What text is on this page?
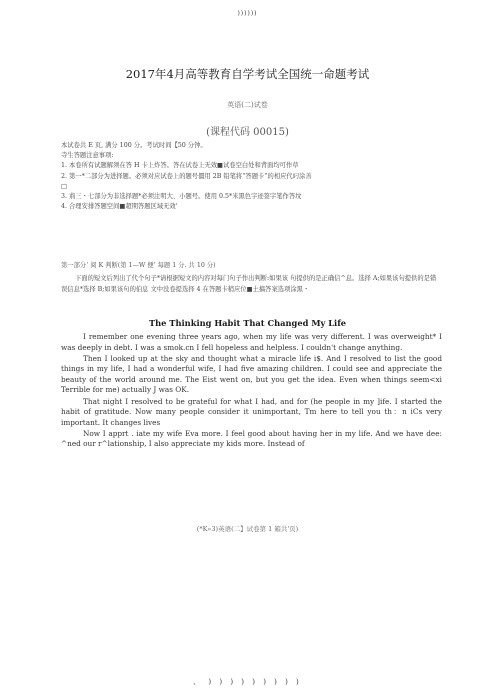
))))))
2017年4月高等教育自学考试全国统一命题考试
英语(二)试卷
(课程代码 00015)
本试卷共 E 页, 满分 100 分。考试时间【50 分钟。
寺生答题注意事项:
1. 本卷所有试题解须在答 H 卡上炸答。答在试卷上无效■试卷空白处和背面均可作草
2. 第一*二部分为进择题。必须对应试卷上的题号僵用 2B 铅笔将“答题卡”的相应代叼涂善
□
3. 荊三・七部分为非选择题*必须注明大、小题号。使用 0.5*米黑色字迹签字笔作答坟
4. 合理安排答题空间■超期答题区域无效'
第一部分‘ 阅 K 判断(第 1—W 便’ 每题 1 分. 共 10 分)
下面的短文后列出了代个句子*请根据短文的内容对每门句子作出判断:如果该 句提供的是正确信^息。选择 A;如果该句提供的是错误信息*选择 B;如果该句的伯息 文中没卷提选择 4 在答题卡稍应位■土搞答案选项涂黑・
The Thinking Habit That Changed My Life

I remember one evening three years ago, when my life was very different. I was overweight* I was deeply in debt. I was a smok.cn I fell hopeless and helpless. I couldn't change anything.

Then I looked up at the sky and thought what a miracle life i$. And I resolved to list the good things in my life, I had a wonderful wife, I had five amazing children. I could see and appreciate the beauty of the world around me. The Eist went on, but you get the idea. Even when things seem<xi Terrible for me) actually J was OK.

That night I resolved to be grateful for what I had, and for (he people in my ]ife. I started the habit of gratitude. Now many people consider it unimportant, Tm here to tell you th：n iCs very important. It changes lives

Now I apprt . iate my wife Eva more. I feel good about having her in my life. And we have dee: ^ned our r^lationship, I also appreciate my kids more. Instead of

(*K»3)英语(二】试卷第 1 箱共'页)
、 ) ) ) ) ) ) ) ) )
